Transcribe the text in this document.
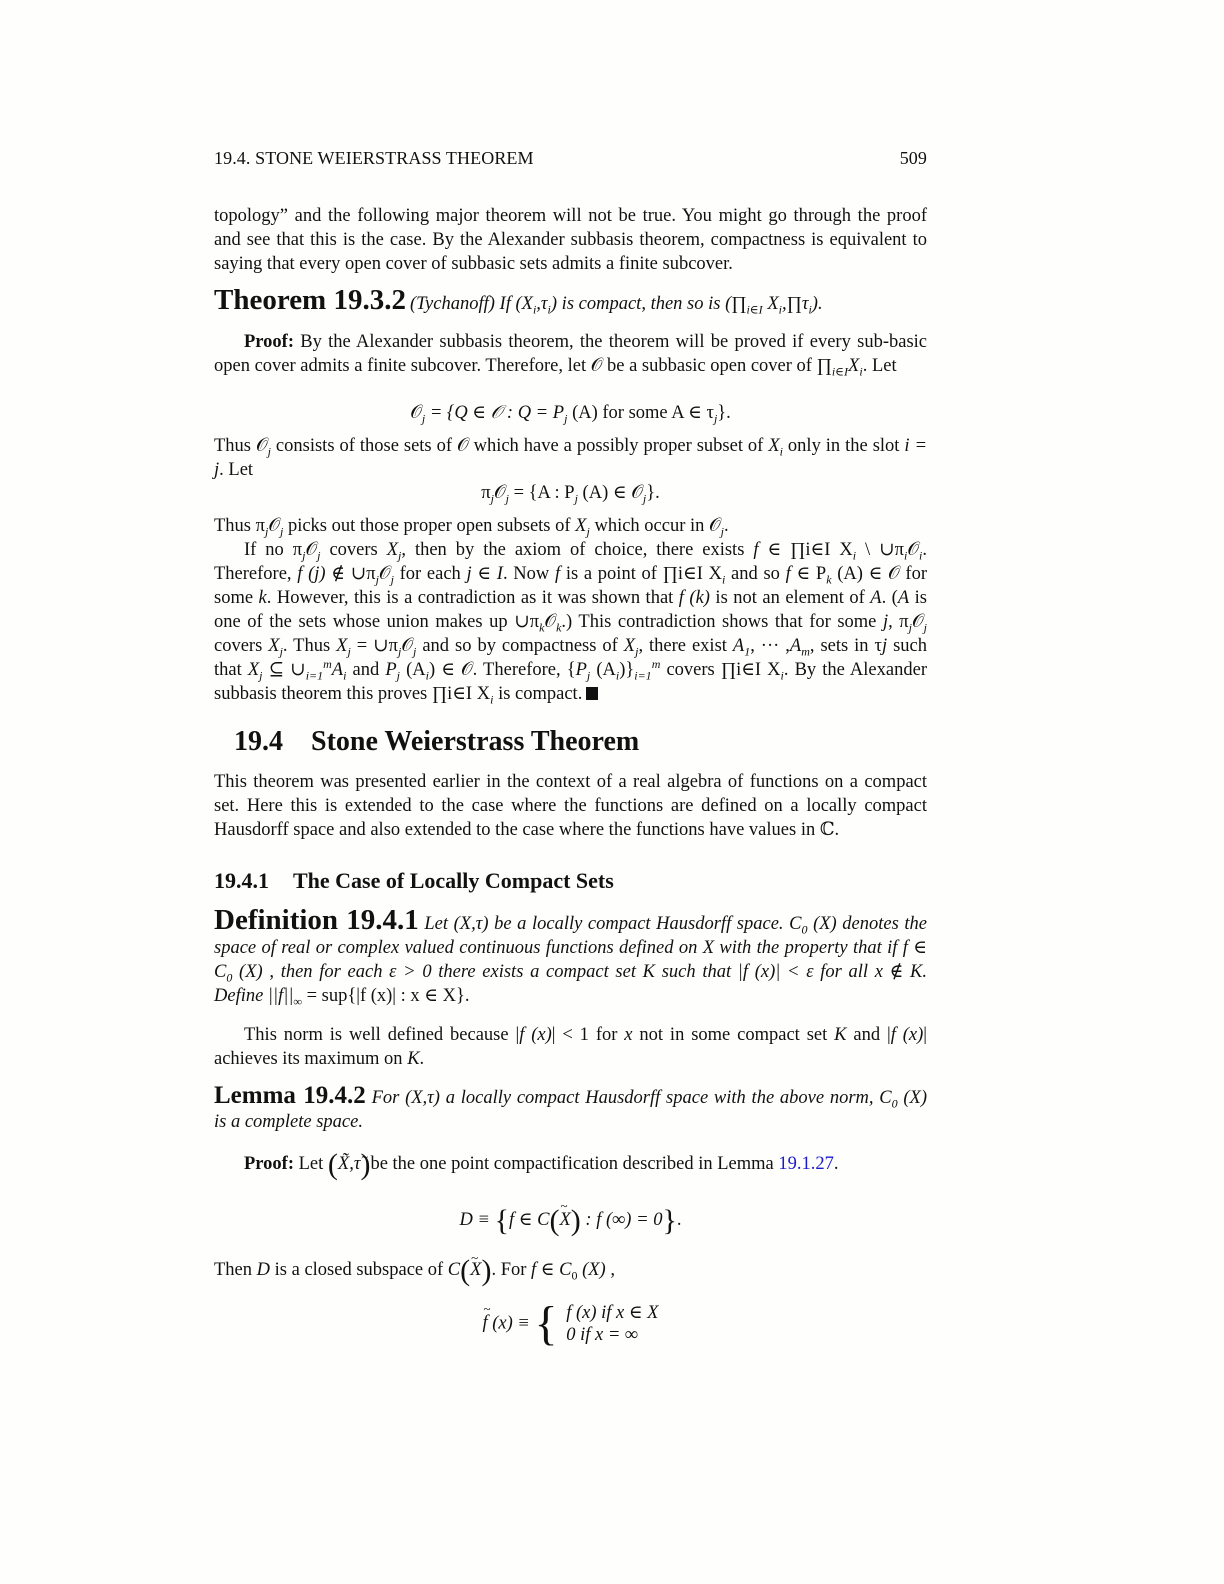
19.4. STONE WEIERSTRASS THEOREM	509
topology” and the following major theorem will not be true. You might go through the proof and see that this is the case. By the Alexander subbasis theorem, compactness is equivalent to saying that every open cover of subbasic sets admits a finite subcover.
Theorem 19.3.2 (Tychanoff) If $(X_i,\tau_i)$ is compact, then so is ($\prod_{i\in I}$ $X_i,\prod\tau_i$).
Proof: By the Alexander subbasis theorem, the theorem will be proved if every sub-basic open cover admits a finite subcover. Therefore, let 𝒪 be a subbasic open cover of $\prod_{i\in I}X_i$. Let
𝒪$_j$ = {Q ∈ 𝒪 : $Q = P_j$ (A) for some A ∈ $\tau_j$}.
Thus 𝒪$_j$ consists of those sets of 𝒪 which have a possibly proper subset of $X_i$ only in the slot i = j. Let
$\pi_j𝒪_j = \{A$ : $P_j$ (A) ∈ 𝒪$_j$}.
Thus $\pi_j𝒪_j$ picks out those proper open subsets of $X_j$ which occur in 𝒪$_j$.
If no $\pi_j𝒪_j$ covers $X_j$, then by the axiom of choice, there exists f ∈ ∏i∈I $X_i$ \ $\cup\pi_i𝒪_i$. Therefore, f (j) ∉ $\cup\pi_j𝒪_j$ for each j ∈ I. Now f is a point of ∏i∈I $X_i$ and so f ∈ $P_k$ (A) ∈ 𝒪 for some k. However, this is a contradiction as it was shown that f (k) is not an element of A. (A is one of the sets whose union makes up $\cup\pi_k𝒪_k$.) This contradiction shows that for some j, $\pi_j𝒪_j$ covers $X_j$. Thus $X_j$ = $\cup\pi_j𝒪_j$ and so by compactness of $X_j$, there exist $A_1$, ··· $,A_m$, sets in τj such that $X_j$ ⊆ $\cup_{i=1}^mA_i$ and $P_j$ $(A_i)$ ∈ 𝒪. Therefore, {$P_j$ $(A_i)\}_{i=1}^m$ covers ∏i∈I $X_i$. By the Alexander subbasis theorem this proves ∏i∈I $X_i$ is compact.
19.4 Stone Weierstrass Theorem
This theorem was presented earlier in the context of a real algebra of functions on a compact set. Here this is extended to the case where the functions are defined on a locally compact Hausdorff space and also extended to the case where the functions have values in ℂ.
19.4.1 The Case of Locally Compact Sets
Definition 19.4.1 Let (X,τ) be a locally compact Hausdorff space. $C_0$ (X) denotes the space of real or complex valued continuous functions defined on X with the property that if f ∈ $C_0$ (X) , then for each ε > 0 there exists a compact set K such that |f (x)| < ε for all x ∉ K. Define $||f||_\infty = sup\{|f$ (x)| : x ∈ X}.
This norm is well defined because |f (x)| < 1 for x not in some compact set K and |f (x)| achieves its maximum on K.
Lemma 19.4.2 For (X,τ) a locally compact Hausdorff space with the above norm, $C_0$ (X) is a complete space.
Proof: Let (X̃,τ̃)be the one point compactification described in Lemma 19.1.27.
D ≡ {f ∈ C(~ X) : f (∞) = 0}.
Then D is a closed subspace of C(~ X). For f ∈ $C_0$ (X) ,
~ f (x) ≡ { f (x) if x ∈ X
0 if x = ∞
